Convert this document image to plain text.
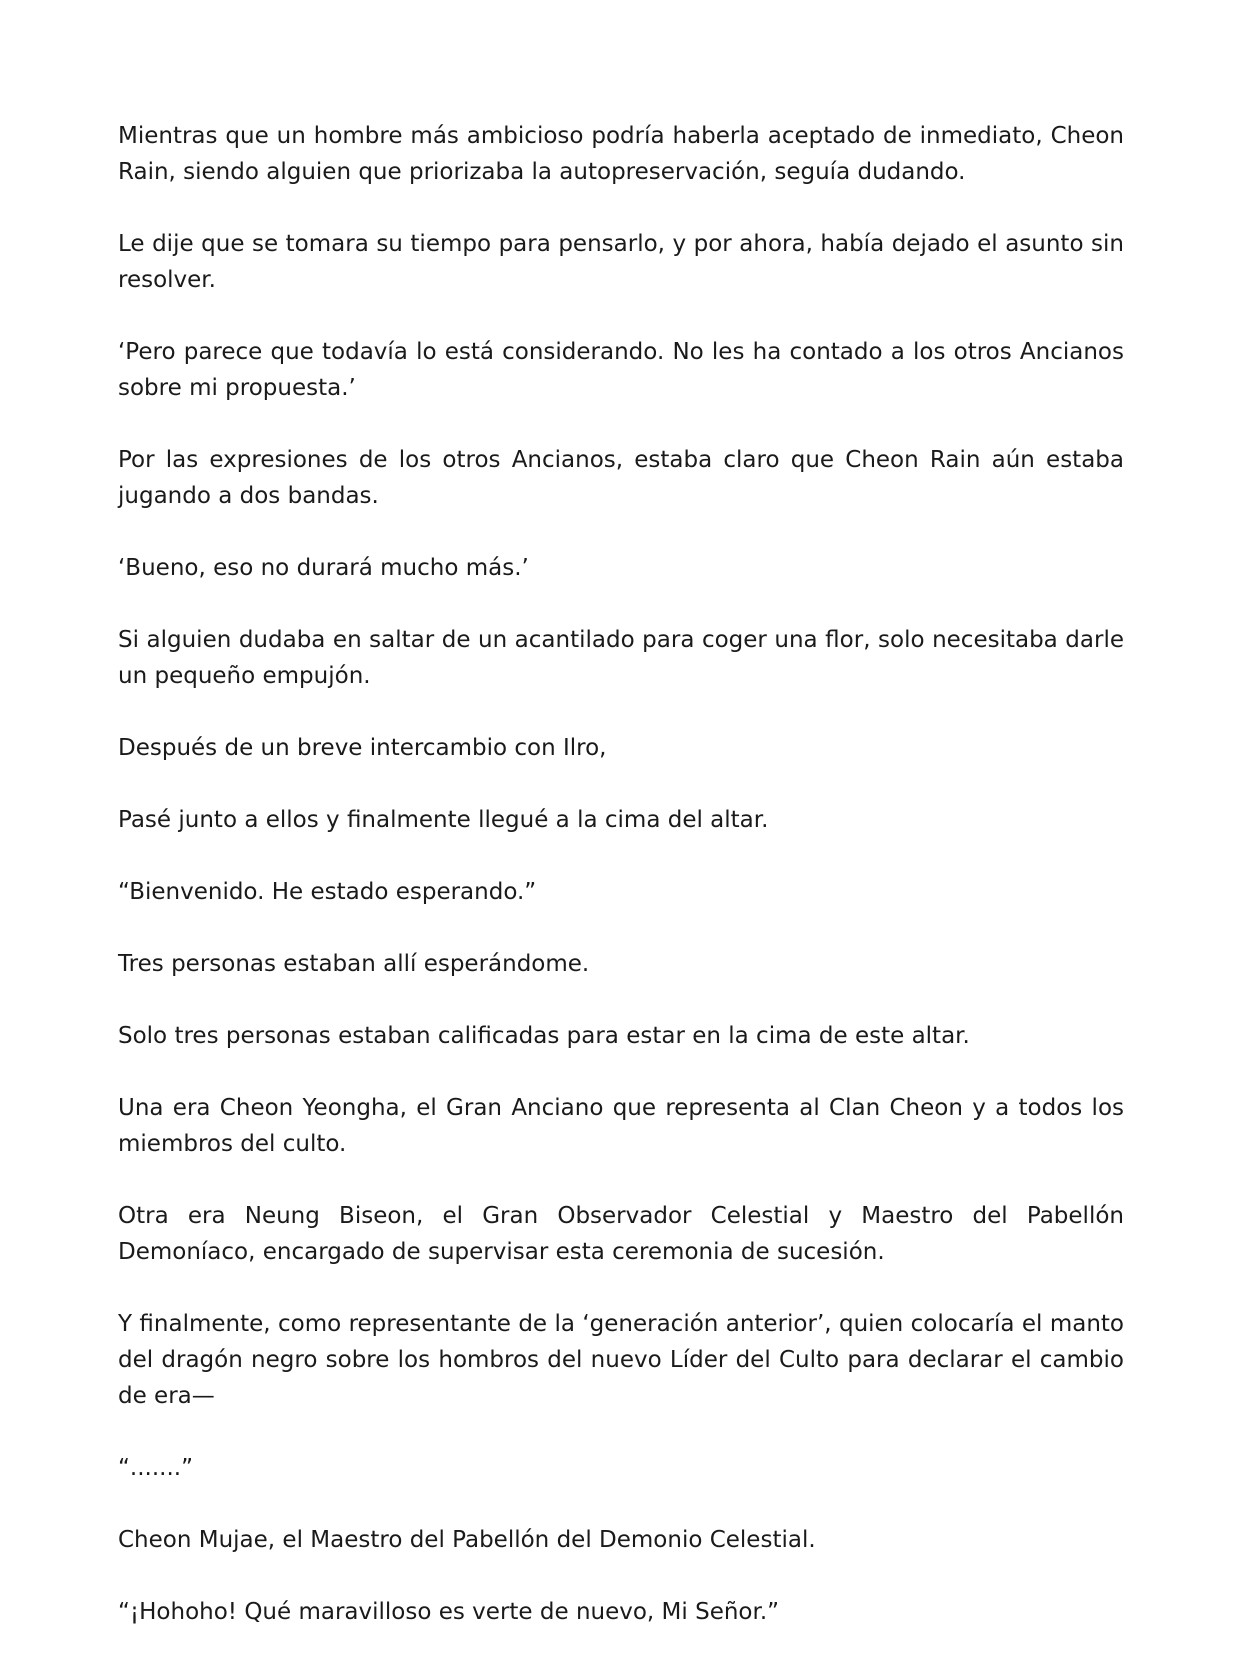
Mientras que un hombre más ambicioso podría haberla aceptado de inmediato, Cheon Rain, siendo alguien que priorizaba la autopreservación, seguía dudando.

Le dije que se tomara su tiempo para pensarlo, y por ahora, había dejado el asunto sin resolver.

‘Pero parece que todavía lo está considerando. No les ha contado a los otros Ancianos sobre mi propuesta.’

Por las expresiones de los otros Ancianos, estaba claro que Cheon Rain aún estaba jugando a dos bandas.

‘Bueno, eso no durará mucho más.’

Si alguien dudaba en saltar de un acantilado para coger una flor, solo necesitaba darle un pequeño empujón.

Después de un breve intercambio con Ilro,

Pasé junto a ellos y finalmente llegué a la cima del altar.

“Bienvenido. He estado esperando.”

Tres personas estaban allí esperándome.

Solo tres personas estaban calificadas para estar en la cima de este altar.

Una era Cheon Yeongha, el Gran Anciano que representa al Clan Cheon y a todos los miembros del culto.

Otra era Neung Biseon, el Gran Observador Celestial y Maestro del Pabellón Demoníaco, encargado de supervisar esta ceremonia de sucesión.

Y finalmente, como representante de la ‘generación anterior’, quien colocaría el manto del dragón negro sobre los hombros del nuevo Líder del Culto para declarar el cambio de era—

“.......”

Cheon Mujae, el Maestro del Pabellón del Demonio Celestial.

“¡Hohoho! Qué maravilloso es verte de nuevo, Mi Señor.”
